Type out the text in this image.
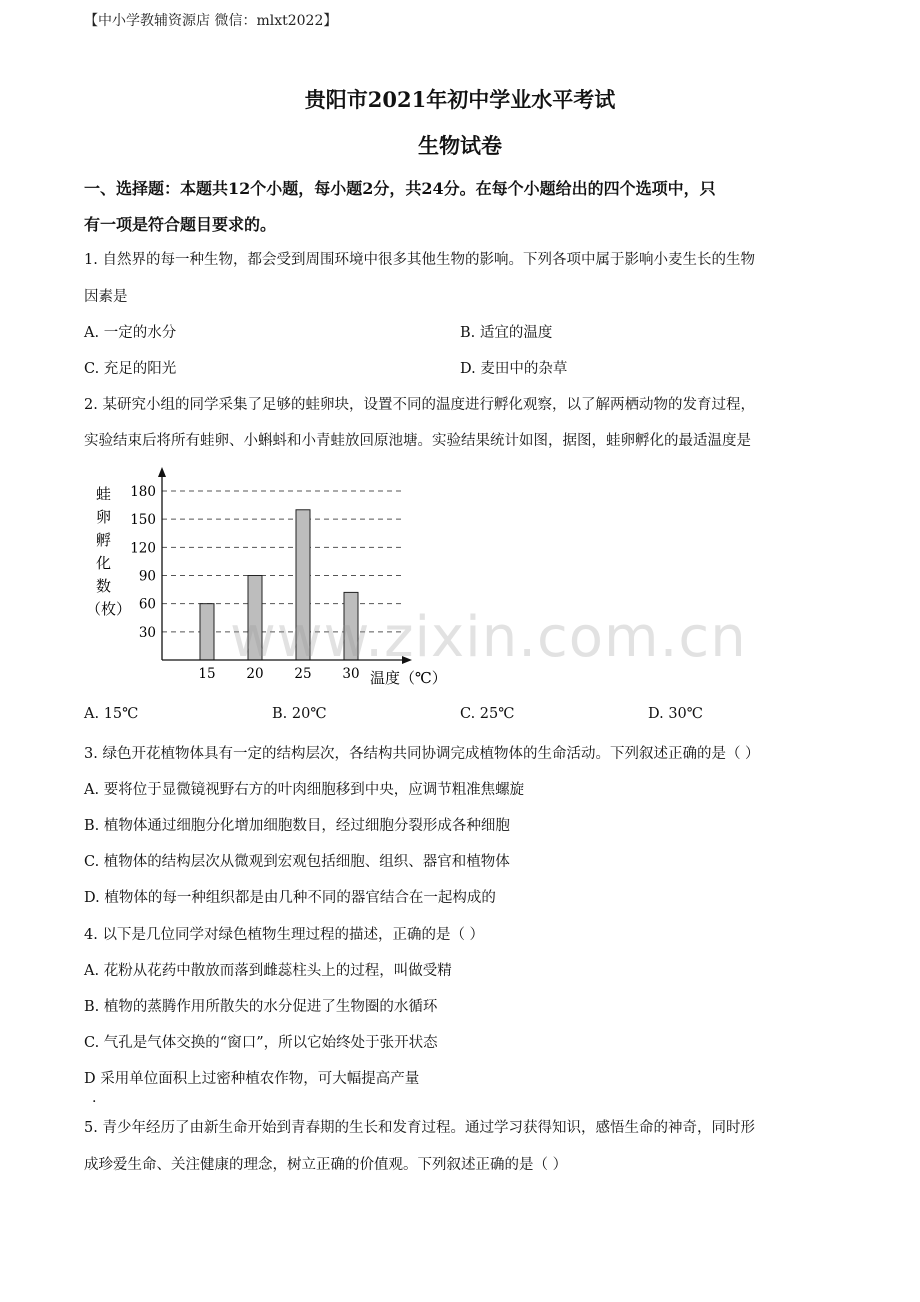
【中小学教辅资源店 微信：mlxt2022】
贵阳市2021年初中学业水平考试
生物试卷
一、选择题：本题共12个小题，每小题2分，共24分。在每个小题给出的四个选项中，只
有一项是符合题目要求的。
1. 自然界的每一种生物，都会受到周围环境中很多其他生物的影响。下列各项中属于影响小麦生长的生物
因素是
A. 一定的水分	B. 适宜的温度
C. 充足的阳光	D. 麦田中的杂草
2. 某研究小组的同学采集了足够的蛙卵块，设置不同的温度进行孵化观察，以了解两栖动物的发育过程，
实验结束后将所有蛙卵、小蝌蚪和小青蛙放回原池塘。实验结果统计如图，据图，蛙卵孵化的最适温度是
蛙
卵
孵
化
数
（枚）
30
60
90
120
150
180
15 20 25 30 温度（℃）
A. 15℃	B. 20℃	C. 25℃	D. 30℃
3. 绿色开花植物体具有一定的结构层次，各结构共同协调完成植物体的生命活动。下列叙述正确的是（ ）
A. 要将位于显微镜视野右方的叶肉细胞移到中央，应调节粗准焦螺旋
B. 植物体通过细胞分化增加细胞数目，经过细胞分裂形成各种细胞
C. 植物体的结构层次从微观到宏观包括细胞、组织、器官和植物体
D. 植物体的每一种组织都是由几种不同的器官结合在一起构成的
4. 以下是几位同学对绿色植物生理过程的描述，正确的是（ ）
A. 花粉从花药中散放而落到雌蕊柱头上的过程，叫做受精
B. 植物的蒸腾作用所散失的水分促进了生物圈的水循环
C. 气孔是气体交换的“窗口”，所以它始终处于张开状态
D 采用单位面积上过密种植农作物，可大幅提高产量
.
5. 青少年经历了由新生命开始到青春期的生长和发育过程。通过学习获得知识，感悟生命的神奇，同时形
成珍爱生命、关注健康的理念，树立正确的价值观。下列叙述正确的是（ ）
www.zixin.com.cn
